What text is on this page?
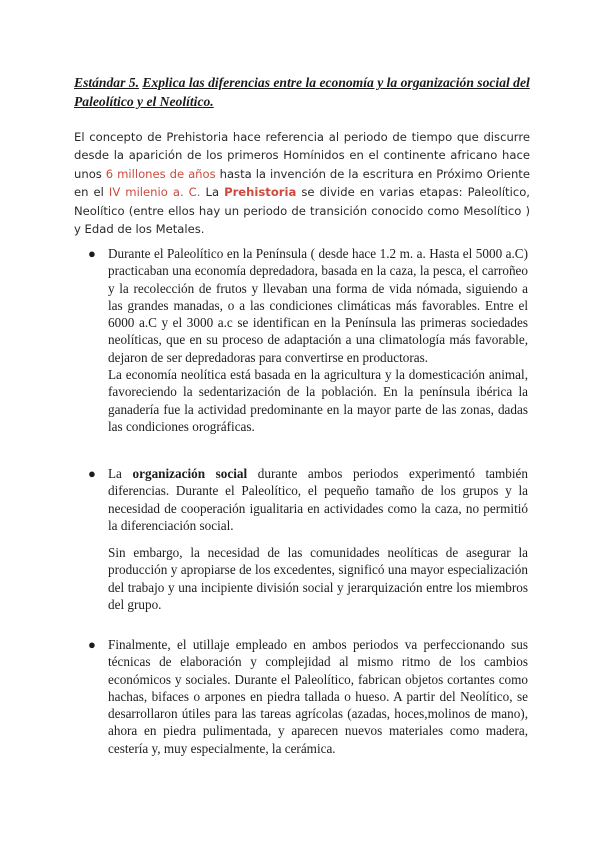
Estándar 5. Explica las diferencias entre la economía y la organización social del Paleolítico y el Neolítico.
El concepto de Prehistoria hace referencia al periodo de tiempo que discurre desde la aparición de los primeros Homínidos en el continente africano hace unos 6 millones de años hasta la invención de la escritura en Próximo Oriente en el IV milenio a. C. La Prehistoria se divide en varias etapas: Paleolítico, Neolítico (entre ellos hay un periodo de transición conocido como Mesolítico ) y Edad de los Metales.
● Durante el Paleolítico en la Península ( desde hace 1.2 m. a. Hasta el 5000 a.C) practicaban una economía depredadora, basada en la caza, la pesca, el carroñeo y la recolección de frutos y llevaban una forma de vida nómada, siguiendo a las grandes manadas, o a las condiciones climáticas más favorables. Entre el 6000 a.C y el 3000 a.c se identifican en la Península las primeras sociedades neolíticas, que en su proceso de adaptación a una climatología más favorable, dejaron de ser depredadoras para convertirse en productoras.

La economía neolítica está basada en la agricultura y la domesticación animal, favoreciendo la sedentarización de la población. En la península ibérica la ganadería fue la actividad predominante en la mayor parte de las zonas, dadas las condiciones orográficas.

● La organización social durante ambos periodos experimentó también diferencias. Durante el Paleolítico, el pequeño tamaño de los grupos y la necesidad de cooperación igualitaria en actividades como la caza, no permitió la diferenciación social.

Sin embargo, la necesidad de las comunidades neolíticas de asegurar la producción y apropiarse de los excedentes, significó una mayor especialización del trabajo y una incipiente división social y jerarquización entre los miembros del grupo.

● Finalmente, el utillaje empleado en ambos periodos va perfeccionando sus técnicas de elaboración y complejidad al mismo ritmo de los cambios económicos y sociales. Durante el Paleolítico, fabrican objetos cortantes como hachas, bifaces o arpones en piedra tallada o hueso. A partir del Neolítico, se desarrollaron útiles para las tareas agrícolas (azadas, hoces,molinos de mano), ahora en piedra pulimentada, y aparecen nuevos materiales como madera, cestería y, muy especialmente, la cerámica.
